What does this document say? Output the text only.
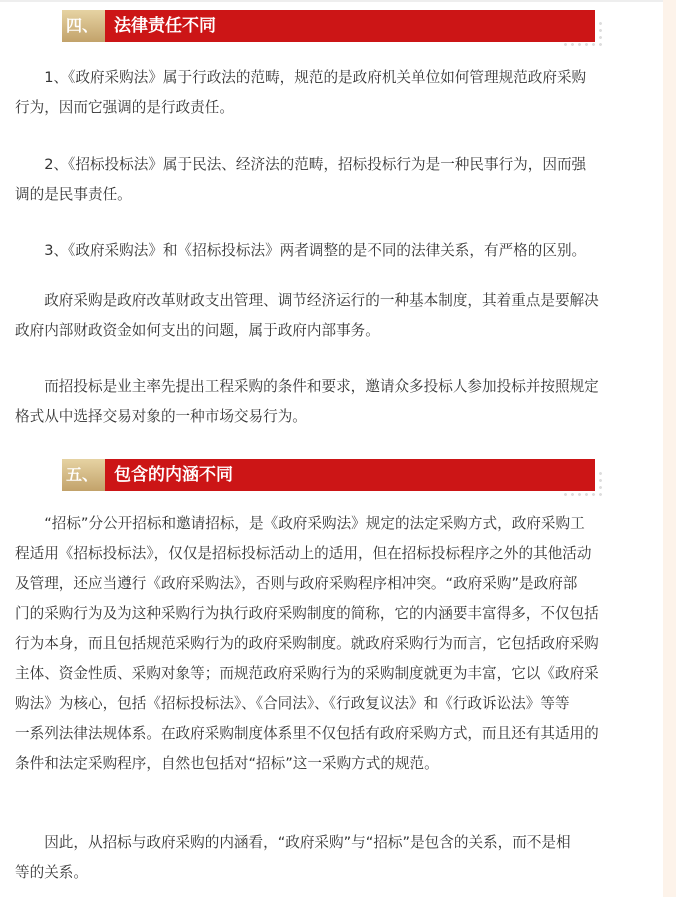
四、 法律责任不同
　　1、《政府采购法》属于行政法的范畴，规范的是政府机关单位如何管理规范政府采购
行为，因而它强调的是行政责任。
　　2、《招标投标法》属于民法、经济法的范畴，招标投标行为是一种民事行为，因而强
调的是民事责任。
　　3、《政府采购法》和《招标投标法》两者调整的是不同的法律关系，有严格的区别。
　　政府采购是政府改革财政支出管理、调节经济运行的一种基本制度，其着重点是要解决
政府内部财政资金如何支出的问题，属于政府内部事务。
　　而招投标是业主率先提出工程采购的条件和要求，邀请众多投标人参加投标并按照规定
格式从中选择交易对象的一种市场交易行为。
五、 包含的内涵不同
　　“招标”分公开招标和邀请招标，是《政府采购法》规定的法定采购方式，政府采购工
程适用《招标投标法》，仅仅是招标投标活动上的适用，但在招标投标程序之外的其他活动
及管理，还应当遵行《政府采购法》，否则与政府采购程序相冲突。“政府采购”是政府部
门的采购行为及为这种采购行为执行政府采购制度的简称，它的内涵要丰富得多，不仅包括
行为本身，而且包括规范采购行为的政府采购制度。就政府采购行为而言，它包括政府采购
主体、资金性质、采购对象等；而规范政府采购行为的采购制度就更为丰富，它以《政府采
购法》为核心，包括《招标投标法》、《合同法》、《行政复议法》和《行政诉讼法》等等
一系列法律法规体系。在政府采购制度体系里不仅包括有政府采购方式，而且还有其适用的
条件和法定采购程序，自然也包括对“招标”这一采购方式的规范。
　　因此，从招标与政府采购的内涵看，“政府采购”与“招标”是包含的关系，而不是相
等的关系。
